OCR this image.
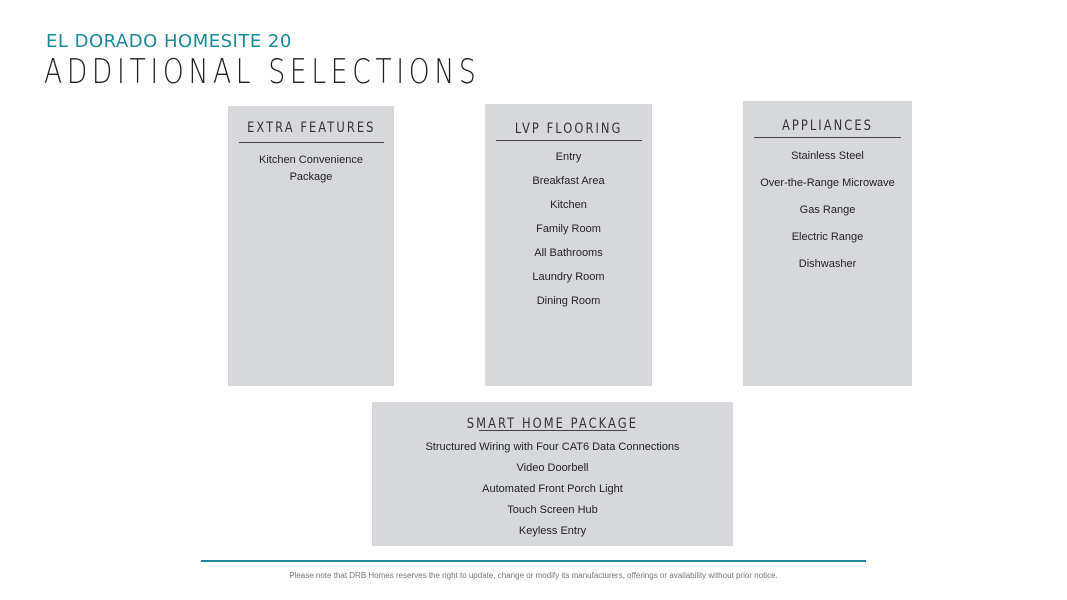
EL DORADO HOMESITE 20
ADDITIONAL SELECTIONS
EXTRA FEATURES
Kitchen Convenience
Package
LVP FLOORING
Entry
Breakfast Area
Kitchen
Family Room
All Bathrooms
Laundry Room
Dining Room
APPLIANCES
Stainless Steel
Over-the-Range Microwave
Gas Range
Electric Range
Dishwasher
SMART HOME PACKAGE
Structured Wiring with Four CAT6 Data Connections
Video Doorbell
Automated Front Porch Light
Touch Screen Hub
Keyless Entry
Please note that DRB Homes reserves the right to update, change or modify its manufacturers, offerings or availability without prior notice.
